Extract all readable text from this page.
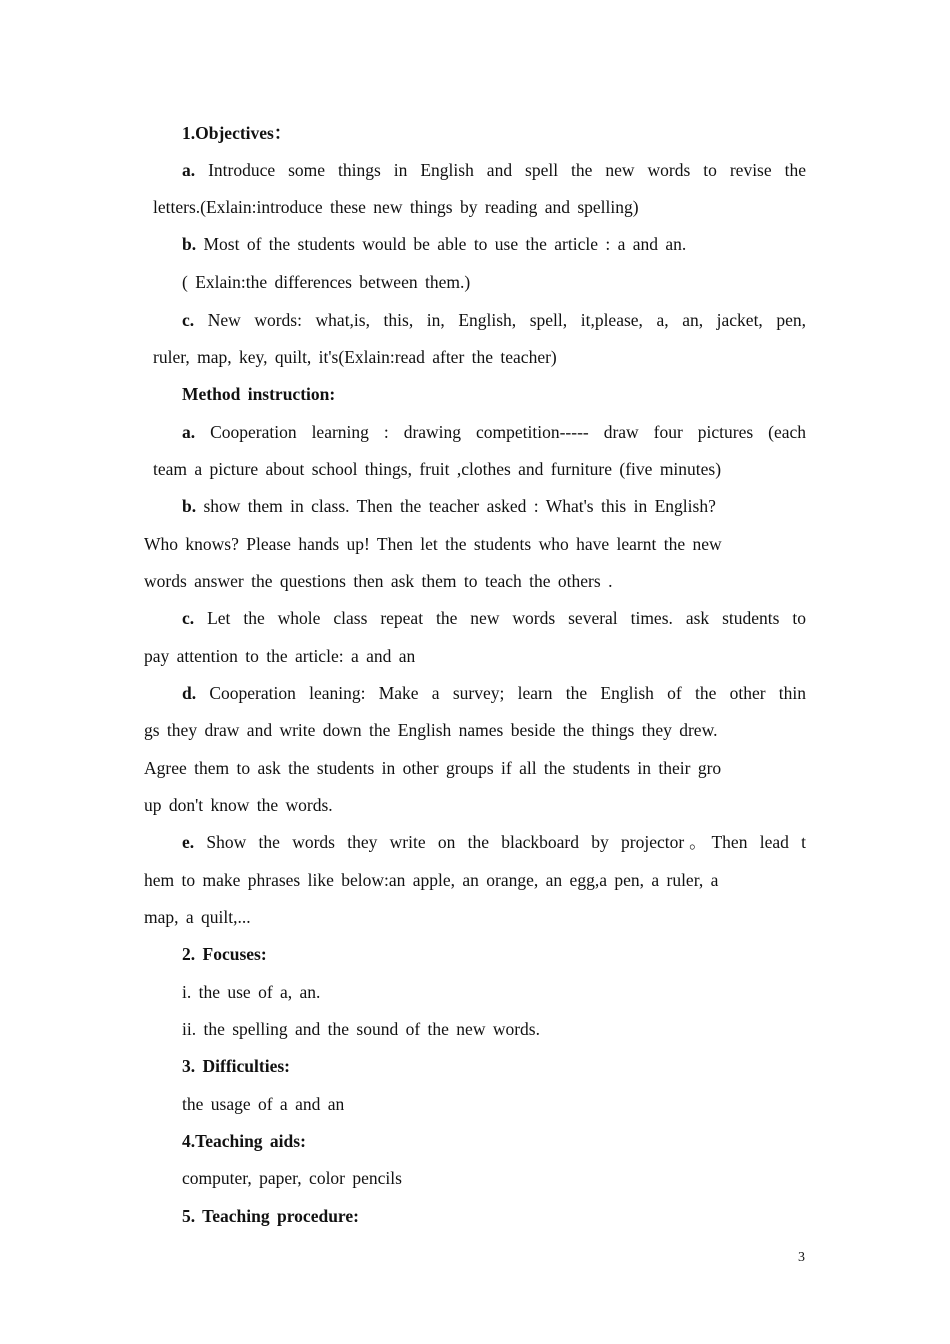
1.Objectives：
a. Introduce some things in English and spell the new words to revise the
letters.(Exlain:introduce these new things by reading and spelling)
b. Most of the students would be able to use the article : a and an.
( Exlain:the differences between them.)
c. New words: what,is, this, in, English, spell, it,please, a, an, jacket, pen,
ruler, map, key, quilt, it's(Exlain:read after the teacher)
Method instruction:
a. Cooperation learning : drawing competition----- draw four pictures (each
team a picture about school things, fruit ,clothes and furniture (five minutes)
b. show them in class. Then the teacher asked : What's this in English?
Who knows? Please hands up! Then let the students who have learnt the new
words answer the questions then ask them to teach the others .
c. Let the whole class repeat the new words several times. ask students to
pay attention to the article: a and an
d. Cooperation leaning: Make a survey; learn the English of the other thin
gs they draw and write down the English names beside the things they drew.
Agree them to ask the students in other groups if all the students in their gro
up don't know the words.
e. Show the words they write on the blackboard by projector。Then lead t
hem to make phrases like below:an apple, an orange, an egg,a pen, a ruler, a
map, a quilt,...
2. Focuses:
i. the use of a, an.
ii. the spelling and the sound of the new words.
3. Difficulties:
the usage of a and an
4.Teaching aids:
computer, paper, color pencils
5. Teaching procedure:
3
